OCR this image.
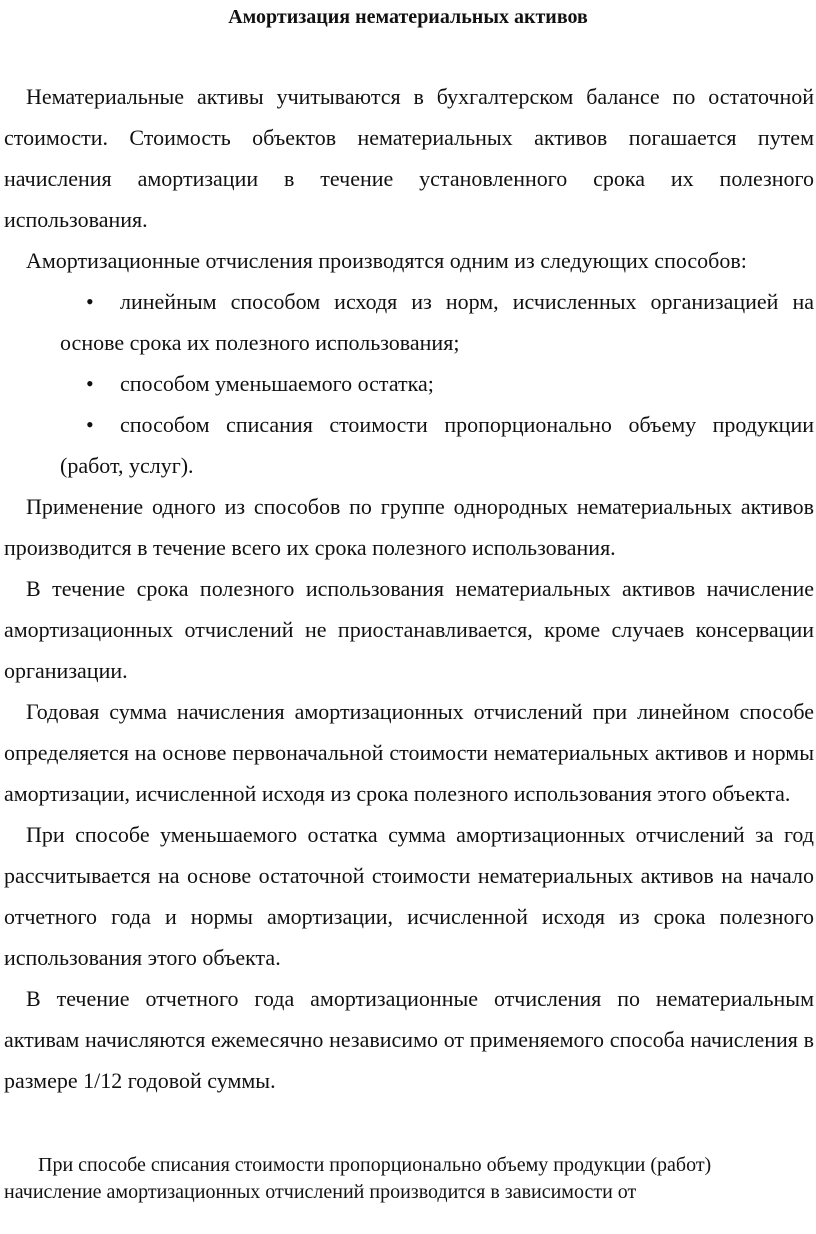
Амортизация нематериальных активов

Нематериальные активы учитываются в бухгалтерском балансе по остаточной стоимости. Стоимость объектов нематериальных активов погашается путем начисления амортизации в течение установленного срока их полезного использования.

Амортизационные отчисления производятся одним из следующих способов:

• линейным способом исходя из норм, исчисленных организацией на основе срока их полезного использования;
• способом уменьшаемого остатка;
• способом списания стоимости пропорционально объему продукции (работ, услуг).

Применение одного из способов по группе однородных нематериальных активов производится в течение всего их срока полезного использования.

В течение срока полезного использования нематериальных активов начисление амортизационных отчислений не приостанавливается, кроме случаев консервации организации.

Годовая сумма начисления амортизационных отчислений при линейном способе определяется на основе первоначальной стоимости нематериальных активов и нормы амортизации, исчисленной исходя из срока полезного использования этого объекта.

При способе уменьшаемого остатка сумма амортизационных отчислений за год рассчитывается на основе остаточной стоимости нематериальных активов на начало отчетного года и нормы амортизации, исчисленной исходя из срока полезного использования этого объекта.

В течение отчетного года амортизационные отчисления по нематериальным активам начисляются ежемесячно независимо от применяемого способа начисления в размере 1/12 годовой суммы.

При способе списания стоимости пропорционально объему продукции (работ) начисление амортизационных отчислений производится в зависимости от
